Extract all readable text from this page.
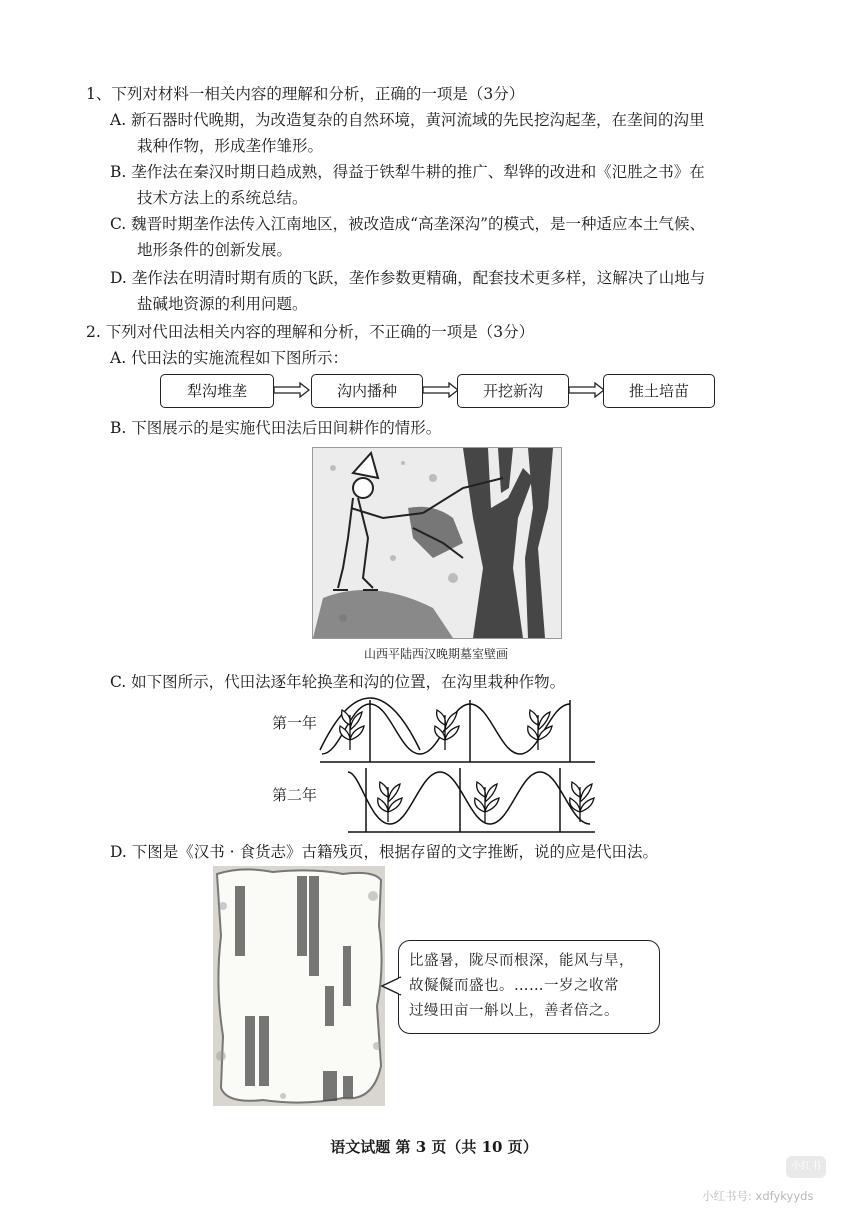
1、下列对材料一相关内容的理解和分析，正确的一项是（3分）
A. 新石器时代晚期，为改造复杂的自然环境，黄河流域的先民挖沟起垄，在垄间的沟里
栽种作物，形成垄作雏形。
B. 垄作法在秦汉时期日趋成熟，得益于铁犁牛耕的推广、犁铧的改进和《氾胜之书》在
技术方法上的系统总结。
C. 魏晋时期垄作法传入江南地区，被改造成“高垄深沟”的模式，是一种适应本土气候、
地形条件的创新发展。
D. 垄作法在明清时期有质的飞跃，垄作参数更精确，配套技术更多样，这解决了山地与
盐碱地资源的利用问题。
2. 下列对代田法相关内容的理解和分析，不正确的一项是（3分）
A. 代田法的实施流程如下图所示：
犁沟堆垄	沟内播种	开挖新沟	推土培苗
B. 下图展示的是实施代田法后田间耕作的情形。
山西平陆西汉晚期墓室壁画
C. 如下图所示，代田法逐年轮换垄和沟的位置，在沟里栽种作物。
第一年
第二年
D. 下图是《汉书 · 食货志》古籍残页，根据存留的文字推断，说的应是代田法。
比盛暑，陇尽而根深，能风与旱，
故儗儗而盛也。……一岁之收常
过缦田亩一斛以上，善者倍之。
语文试题 第 3 页（共 10 页）
小红书
小红书号: xdfykyyds
